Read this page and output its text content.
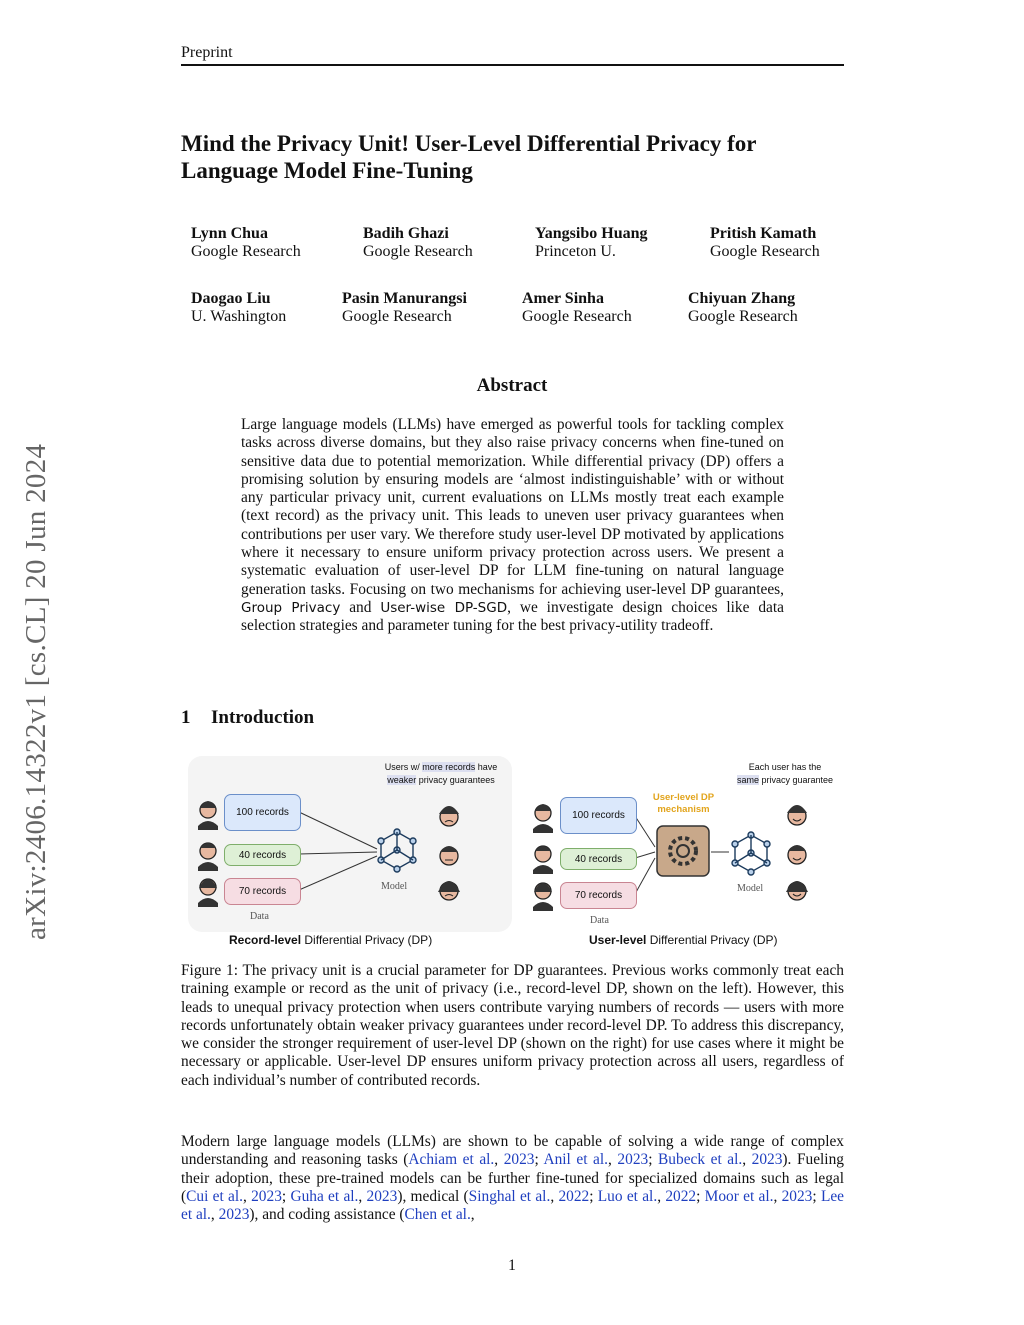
Preprint
Mind the Privacy Unit! User-Level Differential Privacy for Language Model Fine-Tuning
Lynn Chua
Google Research
Badih Ghazi
Google Research
Yangsibo Huang
Princeton U.
Pritish Kamath
Google Research
Daogao Liu
U. Washington
Pasin Manurangsi
Google Research
Amer Sinha
Google Research
Chiyuan Zhang
Google Research
Abstract
Large language models (LLMs) have emerged as powerful tools for tackling complex tasks across diverse domains, but they also raise privacy concerns when fine-tuned on sensitive data due to potential memorization. While differential privacy (DP) offers a promising solution by ensuring models are ‘almost indistinguishable’ with or without any particular privacy unit, current evaluations on LLMs mostly treat each example (text record) as the privacy unit. This leads to uneven user privacy guarantees when contributions per user vary. We therefore study user-level DP motivated by applications where it necessary to ensure uniform privacy protection across users. We present a systematic evaluation of user-level DP for LLM fine-tuning on natural language generation tasks. Focusing on two mechanisms for achieving user-level DP guarantees, Group Privacy and User-wise DP-SGD, we investigate design choices like data selection strategies and parameter tuning for the best privacy-utility tradeoff.
arXiv:2406.14322v1 [cs.CL] 20 Jun 2024	1 Introduction
100 records
40 records
70 records
Data
Model
Users w/ more records have
weaker privacy guarantees
100 records
40 records
70 records
Data
Model
User-level DP
mechanism
Each user has the
same privacy guarantee
Record-level Differential Privacy (DP)	User-level Differential Privacy (DP)
Figure 1: The privacy unit is a crucial parameter for DP guarantees. Previous works commonly treat each training example or record as the unit of privacy (i.e., record-level DP, shown on the left). However, this leads to unequal privacy protection when users contribute varying numbers of records — users with more records unfortunately obtain weaker privacy guarantees under record-level DP. To address this discrepancy, we consider the stronger requirement of user-level DP (shown on the right) for use cases where it might be necessary or applicable. User-level DP ensures uniform privacy protection across all users, regardless of each individual’s number of contributed records.
Modern large language models (LLMs) are shown to be capable of solving a wide range of complex understanding and reasoning tasks (Achiam et al., 2023; Anil et al., 2023; Bubeck et al., 2023). Fueling their adoption, these pre-trained models can be further fine-tuned for specialized domains such as legal (Cui et al., 2023; Guha et al., 2023), medical (Singhal et al., 2022; Luo et al., 2022; Moor et al., 2023; Lee et al., 2023), and coding assistance (Chen et al.,
1
